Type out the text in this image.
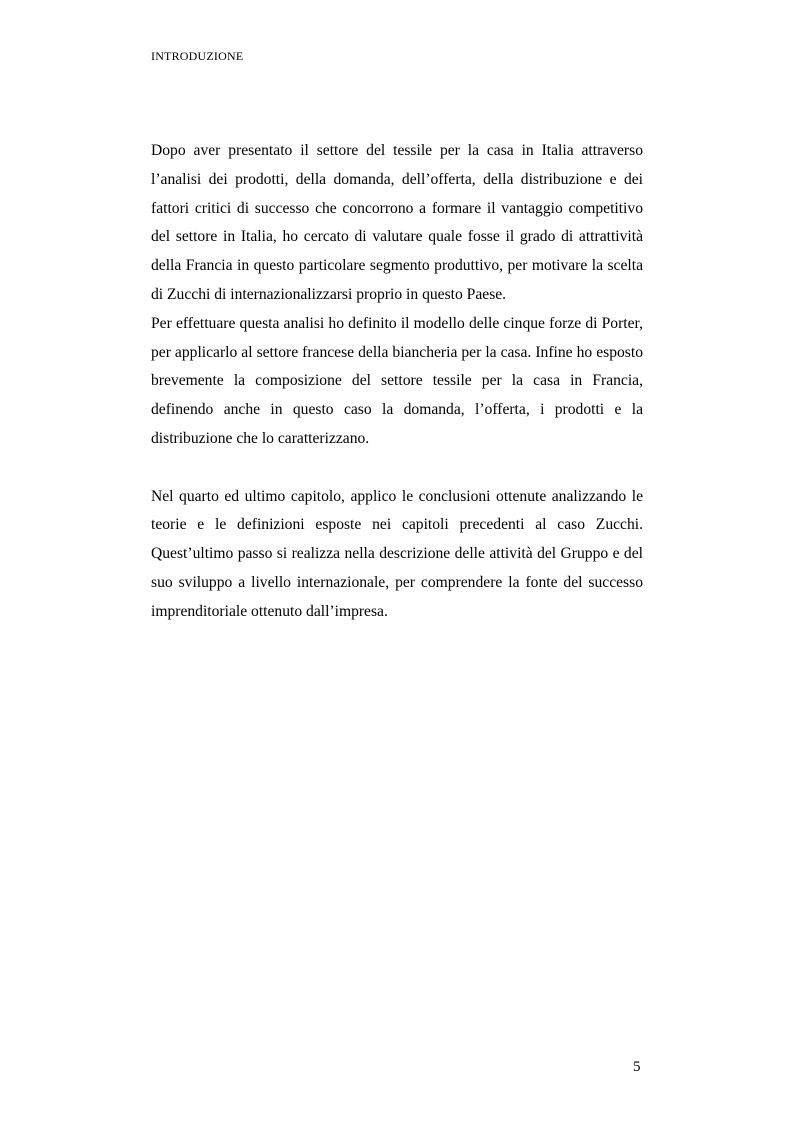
INTRODUZIONE

Dopo aver presentato il settore del tessile per la casa in Italia attraverso l’analisi dei prodotti, della domanda, dell’offerta, della distribuzione e dei fattori critici di successo che concorrono a formare il vantaggio competitivo del settore in Italia, ho cercato di valutare quale fosse il grado di attrattività della Francia in questo particolare segmento produttivo, per motivare la scelta di Zucchi di internazionalizzarsi proprio in questo Paese.

Per effettuare questa analisi ho definito il modello delle cinque forze di Porter, per applicarlo al settore francese della biancheria per la casa. Infine ho esposto brevemente la composizione del settore tessile per la casa in Francia, definendo anche in questo caso la domanda, l’offerta, i prodotti e la distribuzione che lo caratterizzano.

Nel quarto ed ultimo capitolo, applico le conclusioni ottenute analizzando le teorie e le definizioni esposte nei capitoli precedenti al caso Zucchi. Quest’ultimo passo si realizza nella descrizione delle attività del Gruppo e del suo sviluppo a livello internazionale, per comprendere la fonte del successo imprenditoriale ottenuto dall’impresa.

5
